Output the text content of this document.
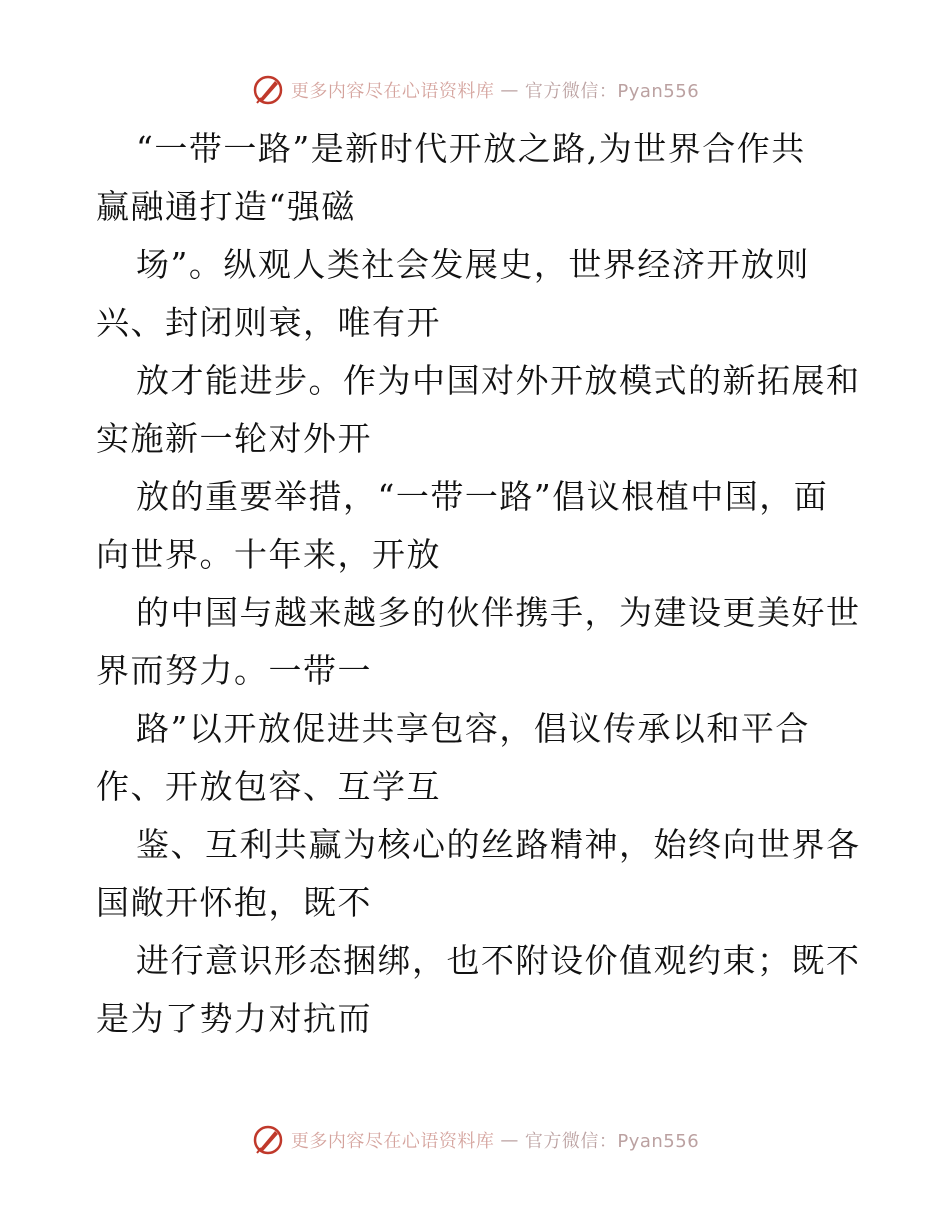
更多内容尽在心语资料库 — 官方微信：Pyan556
“一带一路”是新时代开放之路,为世界合作共
赢融通打造“强磁
场”。纵观人类社会发展史，世界经济开放则
兴、封闭则衰，唯有开
放才能进步。作为中国对外开放模式的新拓展和
实施新一轮对外开
放的重要举措，“一带一路”倡议根植中国，面
向世界。十年来，开放
的中国与越来越多的伙伴携手，为建设更美好世
界而努力。一带一
路”以开放促进共享包容，倡议传承以和平合
作、开放包容、互学互
鉴、互利共赢为核心的丝路精神，始终向世界各
国敞开怀抱，既不
进行意识形态捆绑，也不附设价值观约束；既不
是为了势力对抗而
更多内容尽在心语资料库 — 官方微信：Pyan556
